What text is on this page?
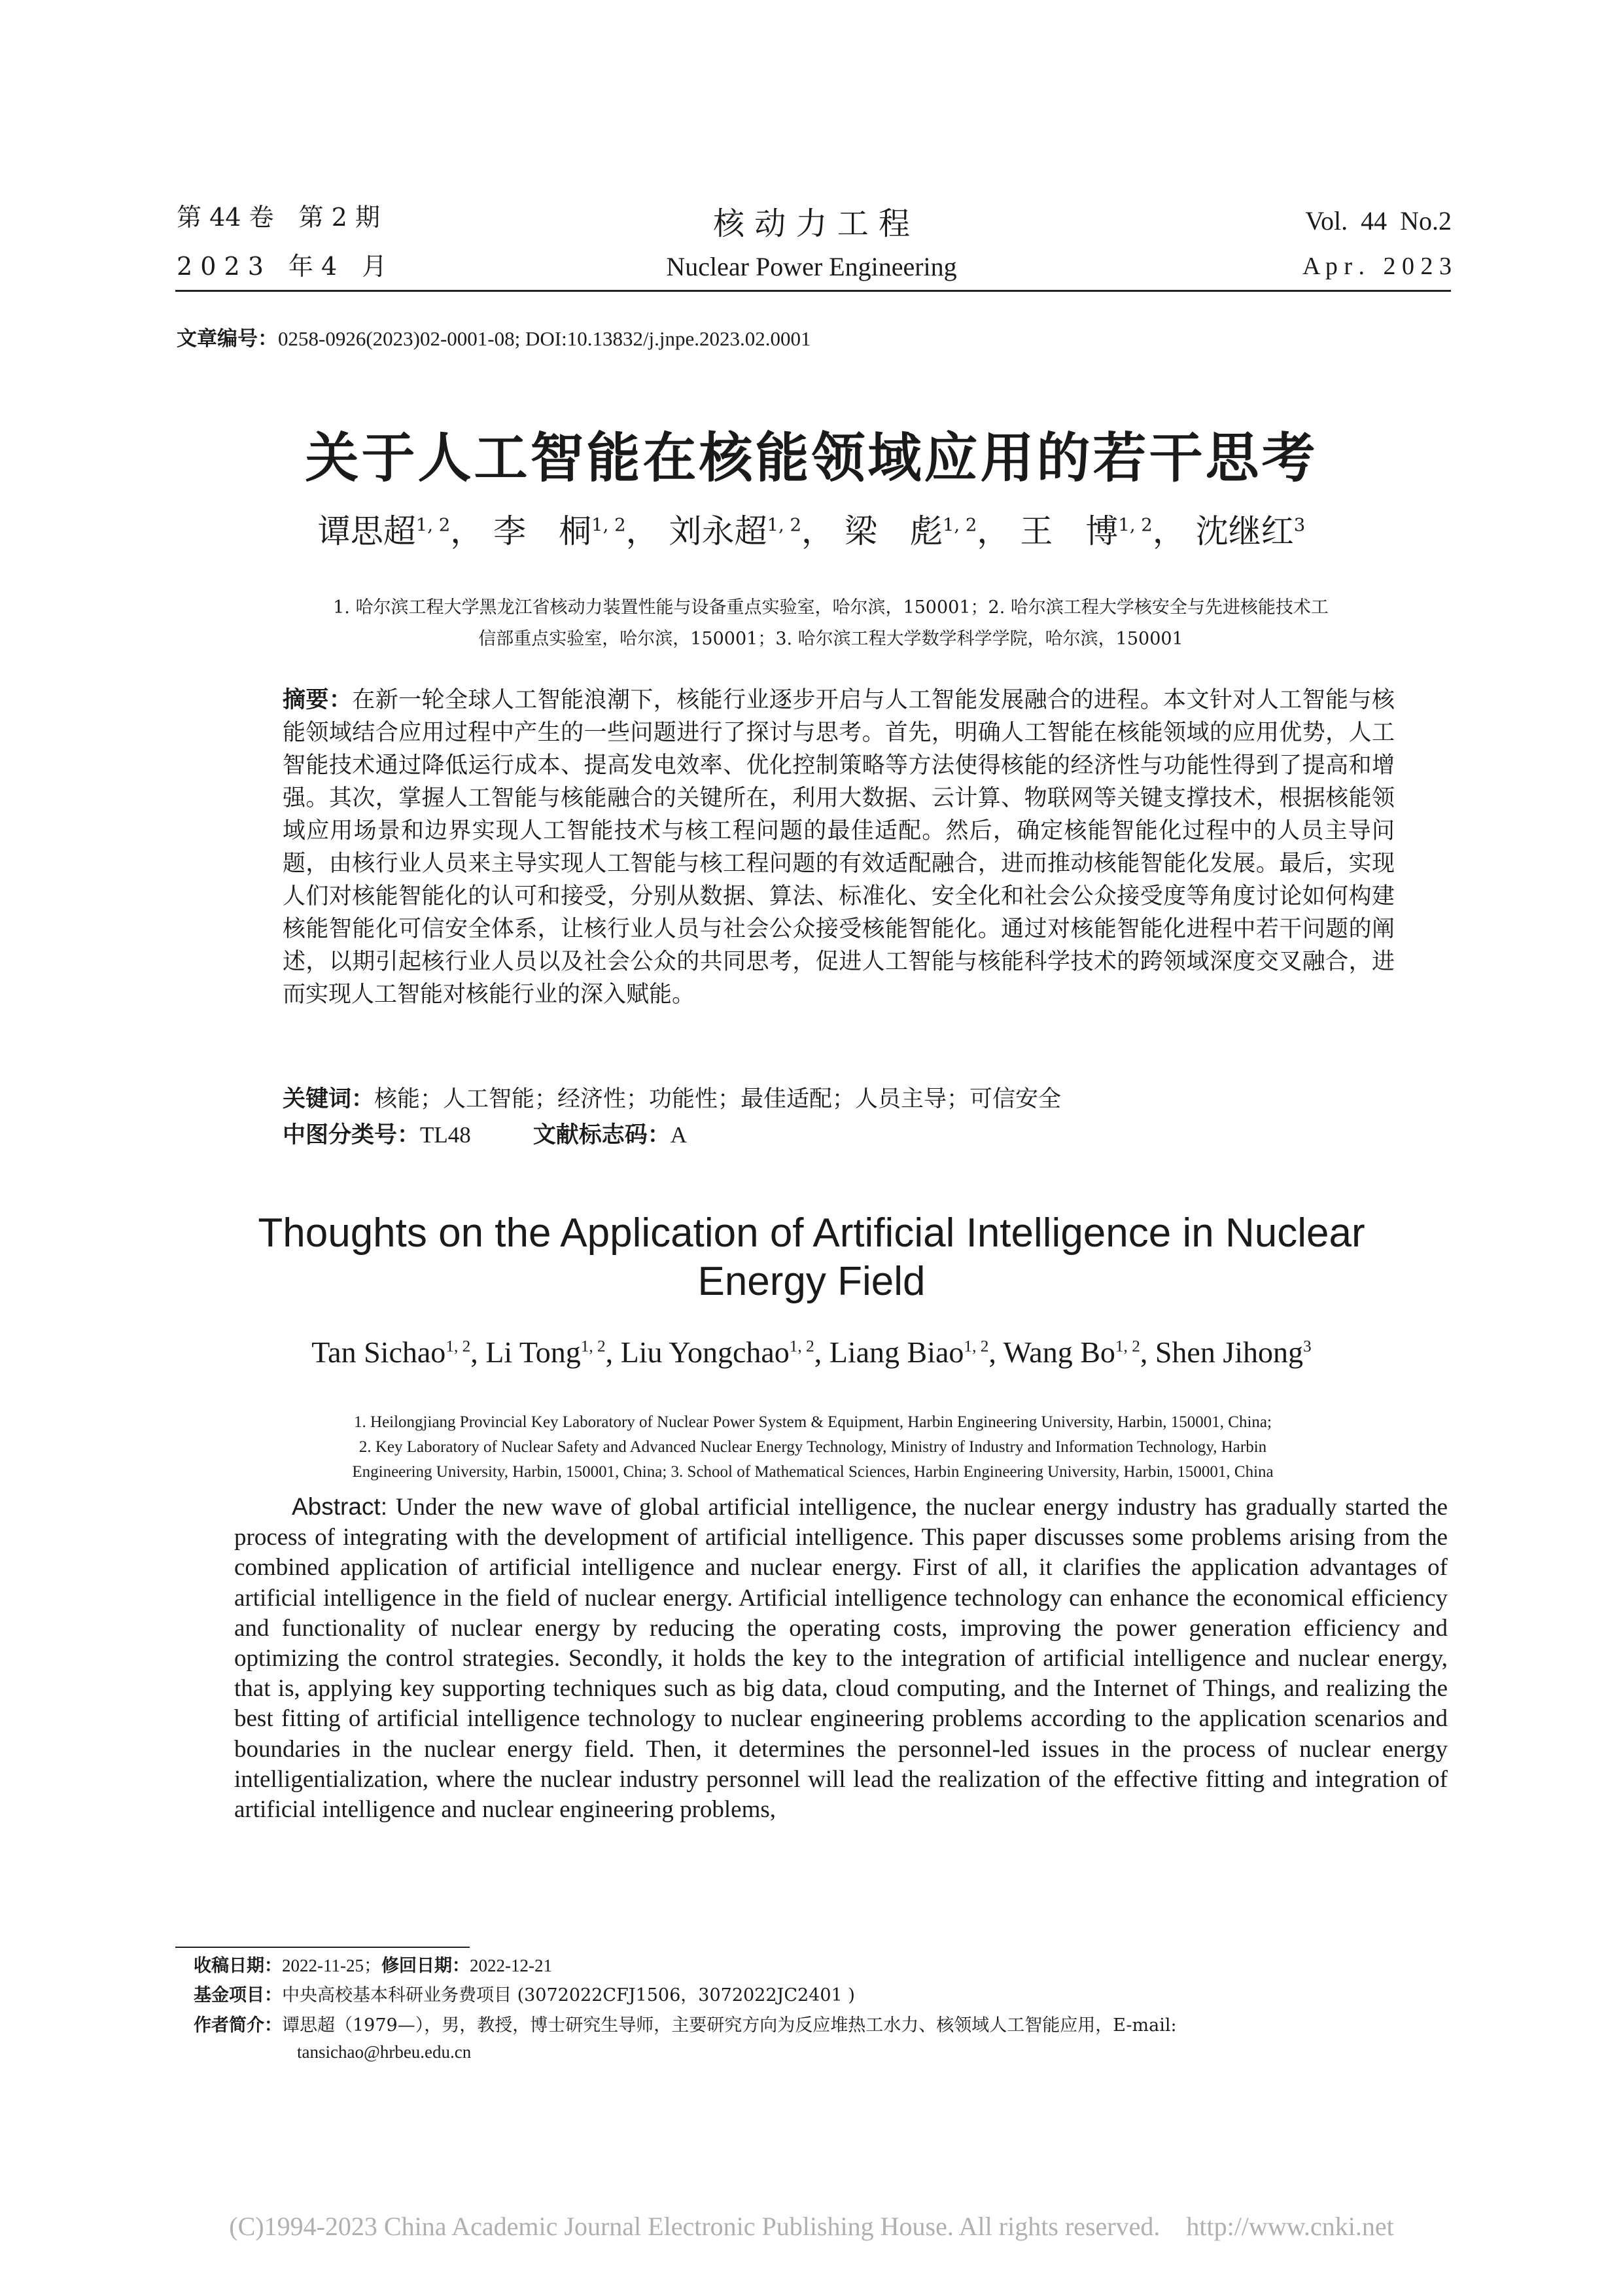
第 44 卷　第 2 期
2 0 2 3　年 4　月
核 动 力 工 程
Nuclear Power Engineering
Vol.  44  No.2
A p r .   2 0 2 3
文章编号：0258-0926(2023)02-0001-08; DOI:10.13832/j.jnpe.2023.02.0001
关于人工智能在核能领域应用的若干思考
谭思超$^{1, 2}$， 李　桐$^{1, 2}$， 刘永超$^{1, 2}$， 梁　彪$^{1, 2}$， 王　博$^{1, 2}$， 沈继红$^3$
1. 哈尔滨工程大学黑龙江省核动力装置性能与设备重点实验室，哈尔滨，150001；2. 哈尔滨工程大学核安全与先进核能技术工
信部重点实验室，哈尔滨，150001；3. 哈尔滨工程大学数学科学学院，哈尔滨，150001

摘要：在新一轮全球人工智能浪潮下，核能行业逐步开启与人工智能发展融合的进程。本文针对人工智能与核能领域结合应用过程中产生的一些问题进行了探讨与思考。首先，明确人工智能在核能领域的应用优势，人工智能技术通过降低运行成本、提高发电效率、优化控制策略等方法使得核能的经济性与功能性得到了提高和增强。其次，掌握人工智能与核能融合的关键所在，利用大数据、云计算、物联网等关键支撑技术，根据核能领域应用场景和边界实现人工智能技术与核工程问题的最佳适配。然后，确定核能智能化过程中的人员主导问题，由核行业人员来主导实现人工智能与核工程问题的有效适配融合，进而推动核能智能化发展。最后，实现人们对核能智能化的认可和接受，分别从数据、算法、标准化、安全化和社会公众接受度等角度讨论如何构建核能智能化可信安全体系，让核行业人员与社会公众接受核能智能化。通过对核能智能化进程中若干问题的阐述，以期引起核行业人员以及社会公众的共同思考，促进人工智能与核能科学技术的跨领域深度交叉融合，进而实现人工智能对核能行业的深入赋能。

关键词：核能；人工智能；经济性；功能性；最佳适配；人员主导；可信安全
中图分类号：TL48	文献标志码：A
Thoughts on the Application of Artificial Intelligence in Nuclear
Energy Field
Tan Sichao$^{1, 2}$, Li Tong$^{1, 2}$, Liu Yongchao$^{1, 2}$, Liang Biao$^{1, 2}$, Wang Bo$^{1, 2}$, Shen Jihong$^3$
1. Heilongjiang Provincial Key Laboratory of Nuclear Power System & Equipment, Harbin Engineering University, Harbin, 150001, China;
2. Key Laboratory of Nuclear Safety and Advanced Nuclear Energy Technology, Ministry of Industry and Information Technology, Harbin
Engineering University, Harbin, 150001, China; 3. School of Mathematical Sciences, Harbin Engineering University, Harbin, 150001, China
Abstract: Under the new wave of global artificial intelligence, the nuclear energy industry has gradually started the process of integrating with the development of artificial intelligence. This paper discusses some problems arising from the combined application of artificial intelligence and nuclear energy. First of all, it clarifies the application advantages of artificial intelligence in the field of nuclear energy. Artificial intelligence technology can enhance the economical efficiency and functionality of nuclear energy by reducing the operating costs, improving the power generation efficiency and optimizing the control strategies. Secondly, it holds the key to the integration of artificial intelligence and nuclear energy, that is, applying key supporting techniques such as big data, cloud computing, and the Internet of Things, and realizing the best fitting of artificial intelligence technology to nuclear engineering problems according to the application scenarios and boundaries in the nuclear energy field. Then, it determines the personnel-led issues in the process of nuclear energy intelligentialization, where the nuclear industry personnel will lead the realization of the effective fitting and integration of artificial intelligence and nuclear engineering problems,
收稿日期：2022-11-25；修回日期：2022-12-21
基金项目：中央高校基本科研业务费项目 (3072022CFJ1506，3072022JC2401 )
作者简介：谭思超（1979—），男，教授，博士研究生导师，主要研究方向为反应堆热工水力、核领域人工智能应用，E-mail:
tansichao@hrbeu.edu.cn
(C)1994-2023 China Academic Journal Electronic Publishing House. All rights reserved.　http://www.cnki.net
